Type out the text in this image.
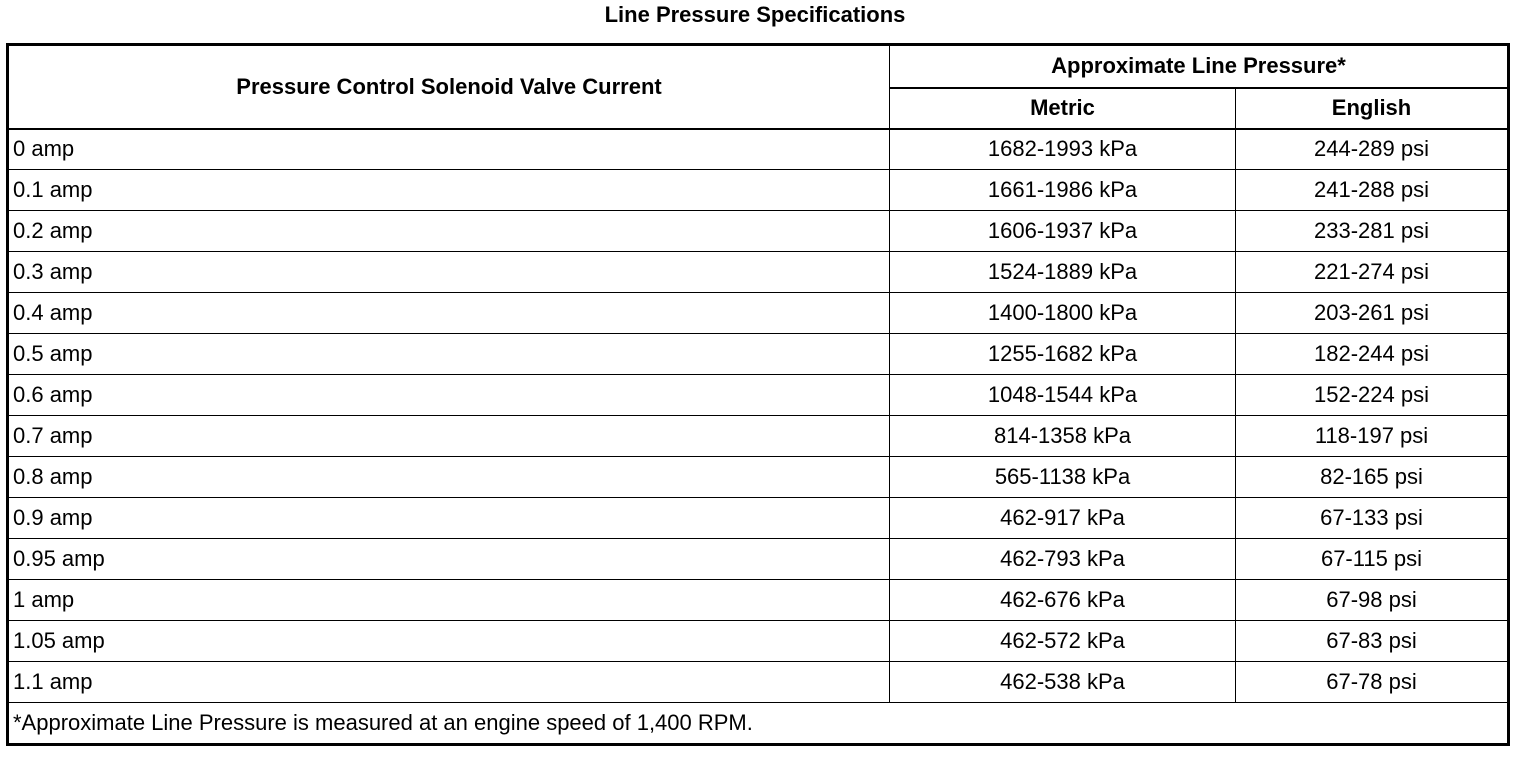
Line Pressure Specifications
Pressure Control Solenoid Valve Current	Approximate Line Pressure*	
	Metric	English
0 amp	1682-1993 kPa	244-289 psi
0.1 amp	1661-1986 kPa	241-288 psi
0.2 amp	1606-1937 kPa	233-281 psi
0.3 amp	1524-1889 kPa	221-274 psi
0.4 amp	1400-1800 kPa	203-261 psi
0.5 amp	1255-1682 kPa	182-244 psi
0.6 amp	1048-1544 kPa	152-224 psi
0.7 amp	814-1358 kPa	118-197 psi
0.8 amp	565-1138 kPa	82-165 psi
0.9 amp	462-917 kPa	67-133 psi
0.95 amp	462-793 kPa	67-115 psi
1 amp	462-676 kPa	67-98 psi
1.05 amp	462-572 kPa	67-83 psi
1.1 amp	462-538 kPa	67-78 psi
*Approximate Line Pressure is measured at an engine speed of 1,400 RPM.		
